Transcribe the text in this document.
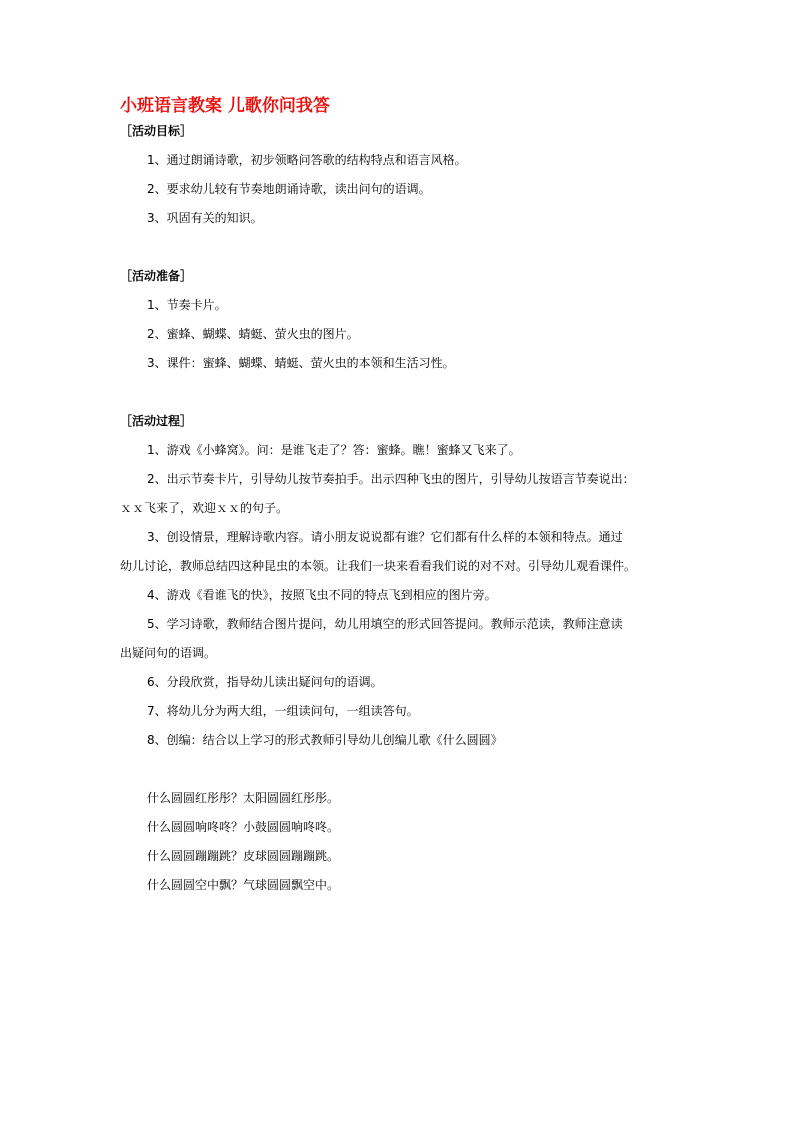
小班语言教案 儿歌你问我答
［活动目标］
1、通过朗诵诗歌，初步领略问答歌的结构特点和语言风格。
2、要求幼儿较有节奏地朗诵诗歌，读出问句的语调。
3、巩固有关的知识。
［活动准备］
1、节奏卡片。
2、蜜蜂、蝴蝶、蜻蜓、萤火虫的图片。
3、课件：蜜蜂、蝴蝶、蜻蜓、萤火虫的本领和生活习性。
［活动过程］
1、游戏《小蜂窝》。问：是谁飞走了？答：蜜蜂。瞧！蜜蜂又飞来了。
2、出示节奏卡片，引导幼儿按节奏拍手。出示四种飞虫的图片，引导幼儿按语言节奏说出：
ｘｘ飞来了，欢迎ｘｘ的句子。
3、创设情景，理解诗歌内容。请小朋友说说都有谁？它们都有什么样的本领和特点。通过
幼儿讨论，教师总结四这种昆虫的本领。让我们一块来看看我们说的对不对。引导幼儿观看课件。
4、游戏《看谁飞的快》，按照飞虫不同的特点飞到相应的图片旁。
5、学习诗歌，教师结合图片提问，幼儿用填空的形式回答提问。教师示范读，教师注意读
出疑问句的语调。
6、分段欣赏，指导幼儿读出疑问句的语调。
7、将幼儿分为两大组，一组读问句，一组读答句。
8、创编：结合以上学习的形式教师引导幼儿创编儿歌《什么圆圆》
什么圆圆红彤彤？太阳圆圆红彤彤。
什么圆圆响咚咚？小鼓圆圆响咚咚。
什么圆圆蹦蹦跳？皮球圆圆蹦蹦跳。
什么圆圆空中飘？气球圆圆飘空中。
